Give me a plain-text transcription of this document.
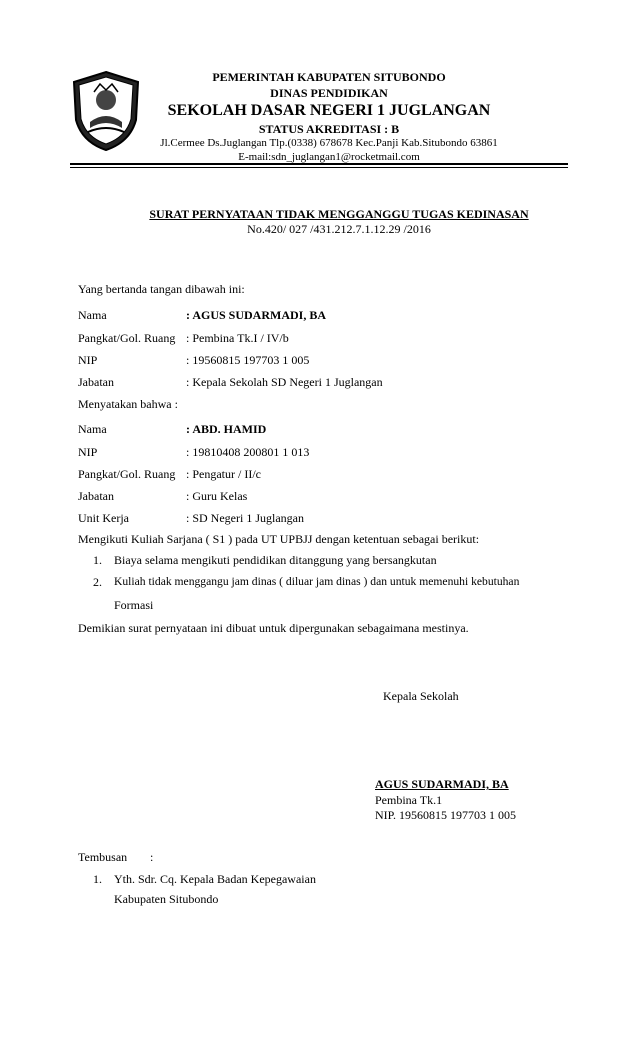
PEMERINTAH KABUPATEN SITUBONDO
DINAS PENDIDIKAN
SEKOLAH DASAR NEGERI 1 JUGLANGAN
STATUS AKREDITASI : B
Jl.Cermee Ds.Juglangan Tlp.(0338) 678678 Kec.Panji Kab.Situbondo 63861
E-mail:sdn_juglangan1@rocketmail.com
SURAT PERNYATAAN TIDAK MENGGANGGU TUGAS KEDINASAN
No.420/ 027 /431.212.7.1.12.29 /2016
Yang bertanda tangan dibawah ini:
Nama	: AGUS SUDARMADI, BA
Pangkat/Gol. Ruang : Pembina Tk.I / IV/b
NIP	: 19560815 197703 1 005
Jabatan	: Kepala Sekolah SD Negeri 1 Juglangan
Menyatakan bahwa :
Nama	: ABD. HAMID
NIP	: 19810408 200801 1 013
Pangkat/Gol. Ruang : Pengatur / II/c
Jabatan	: Guru Kelas
Unit Kerja	: SD Negeri 1 Juglangan
Mengikuti Kuliah Sarjana ( S1 ) pada UT UPBJJ dengan ketentuan sebagai berikut:
1. Biaya selama mengikuti pendidikan ditanggung yang bersangkutan
2. Kuliah tidak menggangu jam dinas ( diluar jam dinas ) dan untuk memenuhi kebutuhan
Formasi
Demikian surat pernyataan ini dibuat untuk dipergunakan sebagaimana mestinya.
Kepala Sekolah
AGUS SUDARMADI, BA
Pembina Tk.1
NIP. 19560815 197703 1 005
Tembusan :
1. Yth. Sdr. Cq. Kepala Badan Kepegawaian
Kabupaten Situbondo
